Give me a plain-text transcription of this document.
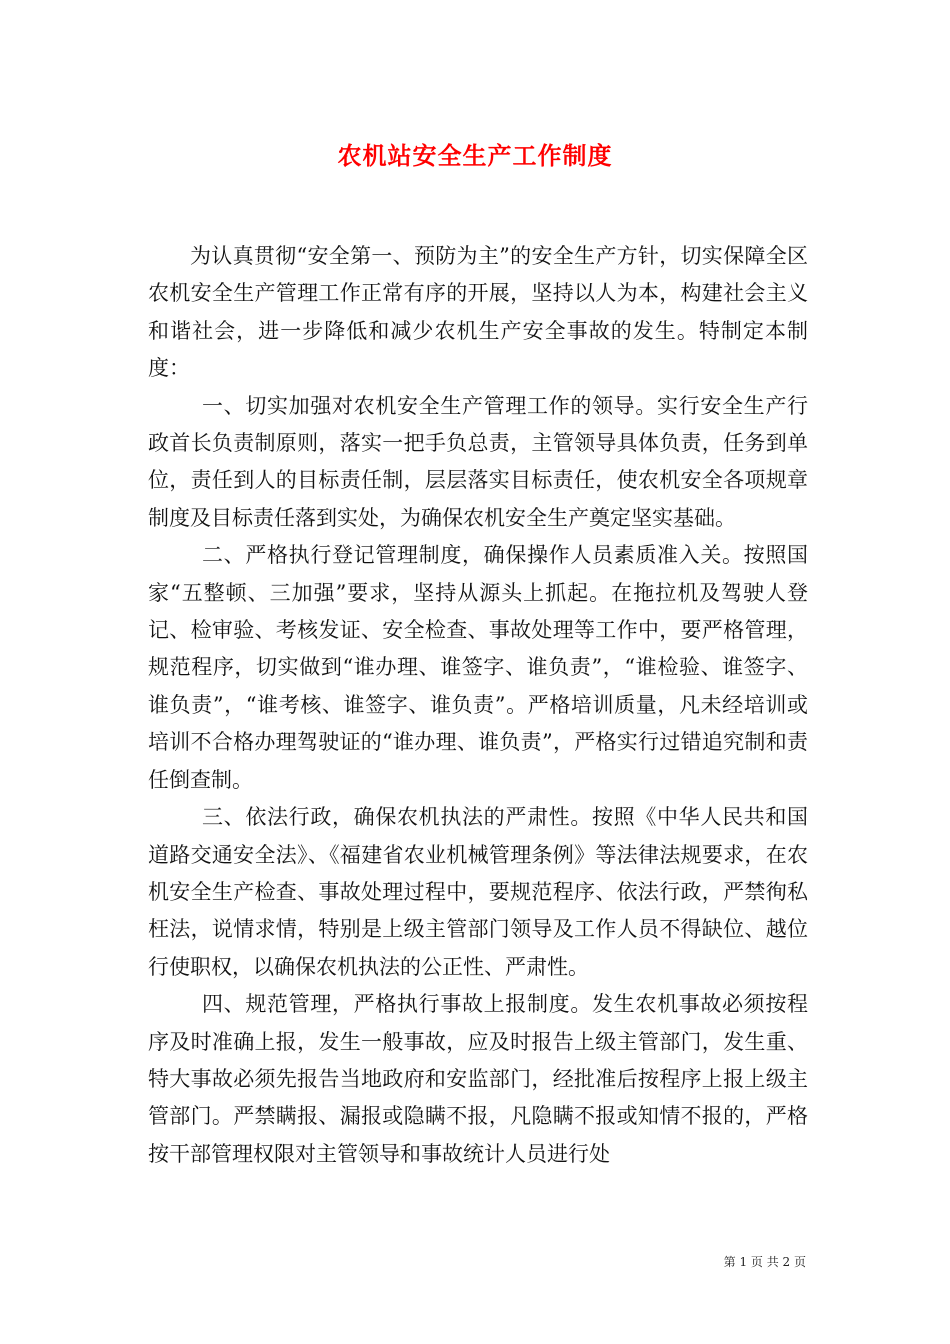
农机站安全生产工作制度

为认真贯彻“安全第一、预防为主”的安全生产方针，切实保障全区农机安全生产管理工作正常有序的开展，坚持以人为本，构建社会主义和谐社会，进一步降低和减少农机生产安全事故的发生。特制定本制度：

一、切实加强对农机安全生产管理工作的领导。实行安全生产行政首长负责制原则，落实一把手负总责，主管领导具体负责，任务到单位，责任到人的目标责任制，层层落实目标责任，使农机安全各项规章制度及目标责任落到实处，为确保农机安全生产奠定坚实基础。

二、严格执行登记管理制度，确保操作人员素质准入关。按照国家“五整顿、三加强”要求，坚持从源头上抓起。在拖拉机及驾驶人登记、检审验、考核发证、安全检查、事故处理等工作中，要严格管理，规范程序，切实做到“谁办理、谁签字、谁负责”，“谁检验、谁签字、谁负责”，“谁考核、谁签字、谁负责”。严格培训质量，凡未经培训或培训不合格办理驾驶证的“谁办理、谁负责”，严格实行过错追究制和责任倒查制。

三、依法行政，确保农机执法的严肃性。按照《中华人民共和国道路交通安全法》、《福建省农业机械管理条例》等法律法规要求，在农机安全生产检查、事故处理过程中，要规范程序、依法行政，严禁徇私枉法，说情求情，特别是上级主管部门领导及工作人员不得缺位、越位行使职权，以确保农机执法的公正性、严肃性。

四、规范管理，严格执行事故上报制度。发生农机事故必须按程序及时准确上报，发生一般事故，应及时报告上级主管部门，发生重、特大事故必须先报告当地政府和安监部门，经批准后按程序上报上级主管部门。严禁瞒报、漏报或隐瞒不报，凡隐瞒不报或知情不报的，严格按干部管理权限对主管领导和事故统计人员进行处

第 1 页 共 2 页
